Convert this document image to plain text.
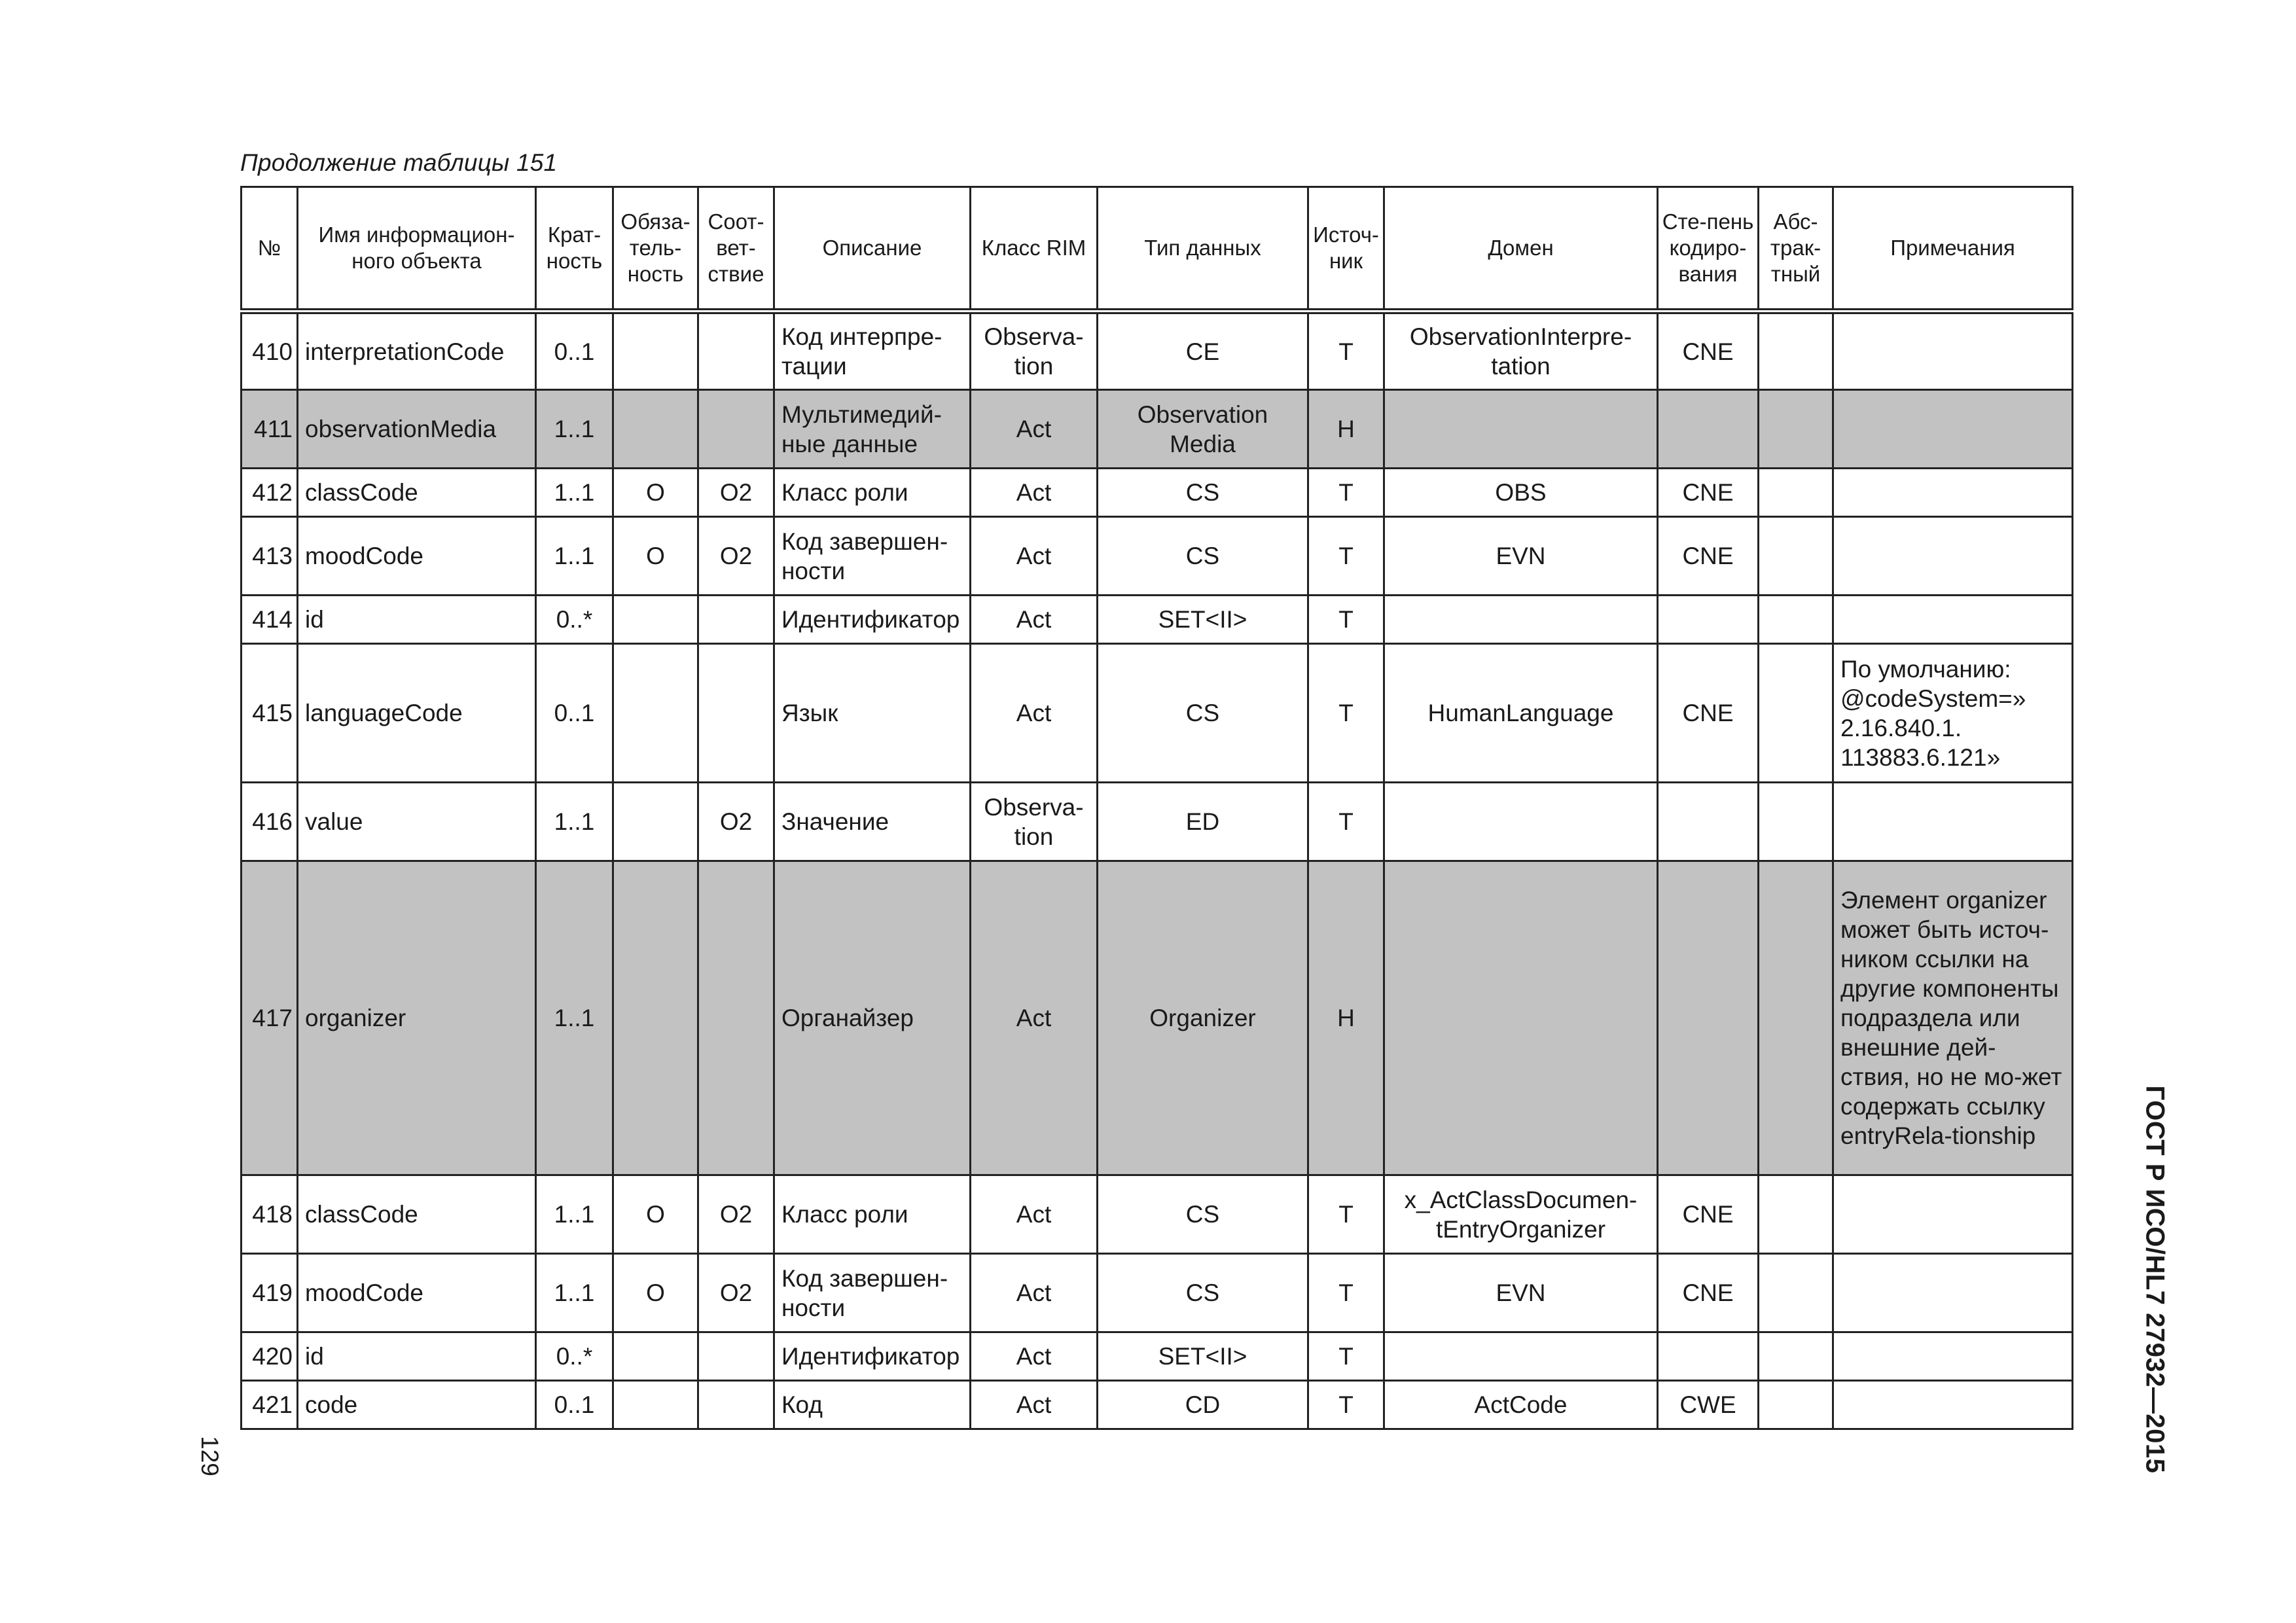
Продолжение таблицы 151
№	Имя информацион-ного объекта	Крат-ность	Обяза-тель-ность	Соот-вет-ствие	Описание	Класс RIM	Тип данных	Источ-ник	Домен	Сте-пень кодиро-вания	Абс-трак-тный	Примечания
410	interpretationCode	0..1			Код интерпре-тации	Observa-tion	CE	T	ObservationInterpre-tation	CNE		
411	observationMedia	1..1			Мультимедий-ные данные	Act	Observation Media	H				
412	classCode	1..1	O	O2	Класс роли	Act	CS	T	OBS	CNE		
413	moodCode	1..1	O	O2	Код завершен-ности	Act	CS	T	EVN	CNE		
414	id	0..*			Идентификатор	Act	SET<II>	T				
415	languageCode	0..1			Язык	Act	CS	T	HumanLanguage	CNE		По умолчанию: @codeSystem=» 2.16.840.1. 113883.6.121»
416	value	1..1		O2	Значение	Observa-tion	ED	T				
417	organizer	1..1			Органайзер	Act	Organizer	H				Элемент organizer может быть источ-ником ссылки на другие компоненты подраздела или внешние дей-ствия, но не мо-жет содержать ссылку entryRela-tionship
418	classCode	1..1	O	O2	Класс роли	Act	CS	T	x_ActClassDocumen-tEntryOrganizer	CNE		
419	moodCode	1..1	O	O2	Код завершен-ности	Act	CS	T	EVN	CNE		
420	id	0..*			Идентификатор	Act	SET<II>	T				
421	code	0..1			Код	Act	CD	T	ActCode	CWE			ГОСТ Р ИСО/HL7 27932—2015
129
